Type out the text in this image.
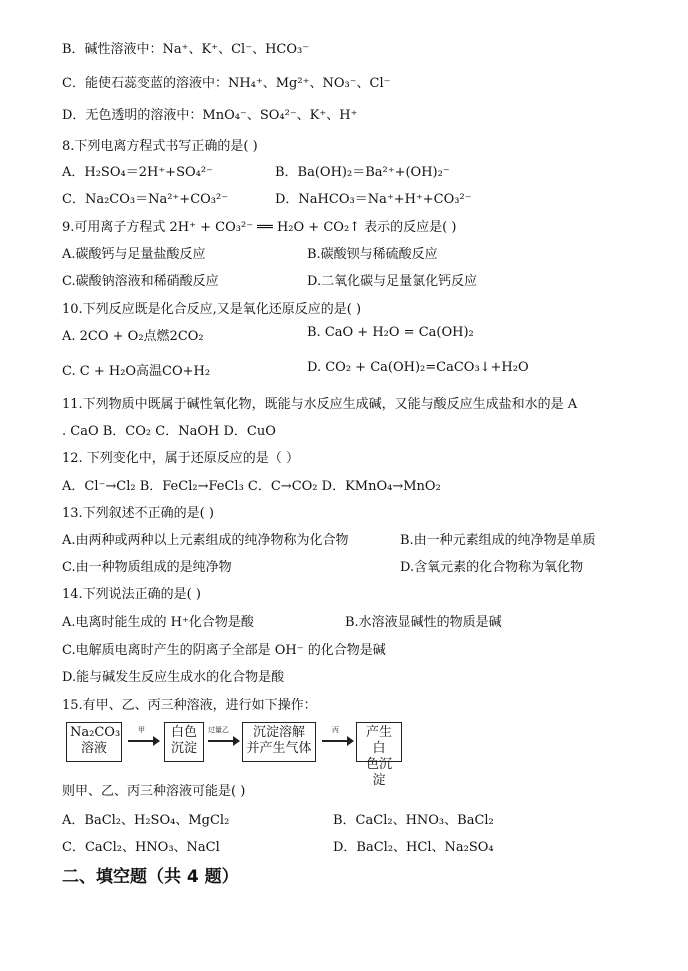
B．碱性溶液中：Na⁺、K⁺、Cl⁻、HCO₃⁻
C．能使石蕊变蓝的溶液中：NH₄⁺、Mg²⁺、NO₃⁻、Cl⁻
D．无色透明的溶液中：MnO₄⁻、SO₄²⁻、K⁺、H⁺
8.下列电离方程式书写正确的是( )
9.可用离子方程式 2H⁺ + CO₃²⁻ ══ H₂O + CO₂↑ 表示的反应是( )
10.下列反应既是化合反应,又是氧化还原反应的是( )
11.下列物质中既属于碱性氧化物，既能与水反应生成碱，又能与酸反应生成盐和水的是 A
12. 下列变化中，属于还原反应的是（ ）
13.下列叙述不正确的是( )
14.下列说法正确的是( )
C.电解质电离时产生的阴离子全部是 OH⁻ 的化合物是碱
D.能与碱发生反应生成水的化合物是酸
15.有甲、乙、丙三种溶液，进行如下操作：
则甲、乙、丙三种溶液可能是( )
A．H₂SO₄＝2H⁺+SO₄²⁻	B．Ba(OH)₂＝Ba²⁺+(OH)₂⁻
C．Na₂CO₃＝Na²⁺+CO₃²⁻	D．NaHCO₃＝Na⁺+H⁺+CO₃²⁻
A.碳酸钙与足量盐酸反应	B.碳酸钡与稀硫酸反应
C.碳酸钠溶液和稀硝酸反应	D.二氧化碳与足量氯化钙反应
A. 2CO + O₂点燃2CO₂	B. CaO + H₂O = Ca(OH)₂
C. C + H₂O高温CO+H₂	D. CO₂ + Ca(OH)₂=CaCO₃↓+H₂O
. CaO B．CO₂ C．NaOH D．CuO
A．Cl⁻→Cl₂ B．FeCl₂→FeCl₃ C．C→CO₂ D．KMnO₄→MnO₂
A.由两种或两种以上元素组成的纯净物称为化合物	B.由一种元素组成的纯净物是单质
C.由一种物质组成的是纯净物	D.含氧元素的化合物称为氧化物
A.电离时能生成的 H⁺化合物是酸	B.水溶液显碱性的物质是碱
A．BaCl₂、H₂SO₄、MgCl₂	B．CaCl₂、HNO₃、BaCl₂
C．CaCl₂、HNO₃、NaCl	D．BaCl₂、HCl、Na₂SO₄
Na₂CO₃
溶液
甲 白色
沉淀
过量乙	沉淀溶解
并产生气体
丙	产生白
色沉淀
二、填空题（共 4 题）
